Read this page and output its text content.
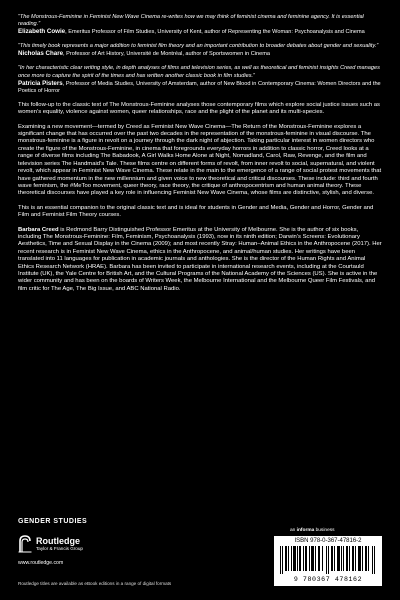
“The Monstrous-Feminine in Feminist New Wave Cinema re-writes how we may think of feminist cinema and feminine agency. It is essential reading.”
Elizabeth Cowie, Emeritus Professor of Film Studies, University of Kent, author of Representing the Woman: Psychoanalysis and Cinema
“This timely book represents a major addition to feminist film theory and an important contribution to broader debates about gender and sexuality.”
Nicholas Chare, Professor of Art History, Université de Montréal, author of Sportswomen in Cinema
“In her characteristic clear writing style, in depth analyses of films and television series, as well as theoretical and feminist insights Creed manages once more to capture the spirit of the times and has written another classic book in film studies.”
Patricia Pisters, Professor of Media Studies, University of Amsterdam, author of New Blood in Contemporary Cinema: Women Directors and the Poetics of Horror

This follow-up to the classic text of The Monstrous-Feminine analyses those contemporary films which explore social justice issues such as women’s equality, violence against women, queer relationships, race and the plight of the planet and its multi-species.

Examining a new movement—termed by Creed as Feminist New Wave Cinema—The Return of the Monstrous-Feminine explores a significant change that has occurred over the past two decades in the representation of the monstrous-feminine in visual discourse. The monstrous-feminine is a figure in revolt on a journey through the dark night of abjection. Taking particular interest in women directors who create the figure of the Monstrous-Feminine, in cinema that foregrounds everyday horrors in addition to classic horror, Creed looks at a range of diverse films including The Babadook, A Girl Walks Home Alone at Night, Nomadland, Carol, Raw, Revenge, and the film and television series The Handmaid’s Tale. These films centre on different forms of revolt, from inner revolt to social, supernatural, and violent revolt, which appear in Feminist New Wave Cinema. These relate in the main to the emergence of a range of social protest movements that have gathered momentum in the new millennium and given voice to new theoretical and critical discourses. These include: third and fourth wave feminism, the #MeToo movement, queer theory, race theory, the critique of anthropocentrism and human animal theory. These theoretical discourses have played a key role in influencing Feminist New Wave Cinema, whose films are distinctive, stylish, and diverse.

This is an essential companion to the original classic text and is ideal for students in Gender and Media, Gender and Horror, Gender and Film and Feminist Film Theory courses.

Barbara Creed is Redmond Barry Distinguished Professor Emeritus at the University of Melbourne. She is the author of six books, including The Monstrous-Feminine: Film, Feminism, Psychoanalysis (1993), now in its ninth edition; Darwin’s Screens: Evolutionary Aesthetics, Time and Sexual Display in the Cinema (2009); and most recently Stray: Human–Animal Ethics in the Anthropocene (2017). Her recent research is in Feminist New Wave Cinema, ethics in the Anthropocene, and animal/human studies. Her writings have been translated into 11 languages for publication in academic journals and anthologies. She is the director of the Human Rights and Animal Ethics Research Network (HRAE). Barbara has been invited to participate in international research events, including at the Courtauld Institute (UK), the Yale Centre for British Art, and the Cultural Programs of the National Academy of the Sciences (US). She is active in the wider community and has been on the boards of Writers Week, the Melbourne International and the Melbourne Queer Film Festivals, and film critic for The Age, The Big Issue, and ABC National Radio.

GENDER STUDIES
Routledge
Taylor & Francis Group
www.routledge.com
Routledge titles are available as eBook editions in a range of digital formats
an informa business
ISBN 978-0-367-47816-2
9 780367 478162
